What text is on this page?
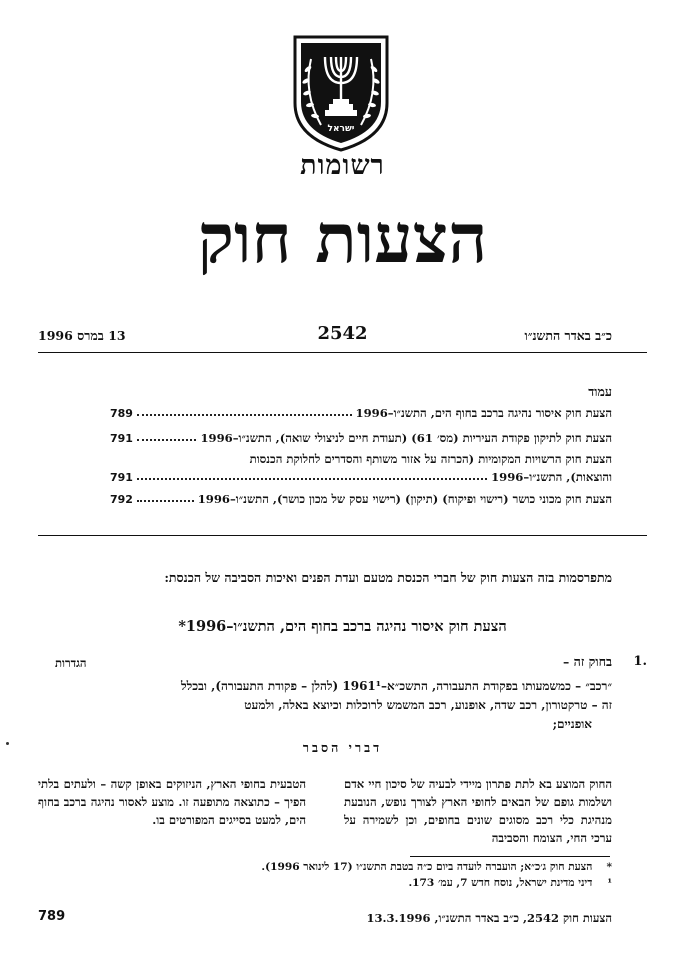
ישראל
רשומות
הצעות חוק
כ״ב באדר התשנ״ו
2542
13 במרס 1996
עמוד
הצעת חוק איסור נהיגה ברכב בחוף הים, התשנ״ו–1996
789
הצעת חוק לתיקון פקודת העיריות (מס׳ 61) (תעודת חיים לניצולי שואה), התשנ״ו–1996
791
הצעת חוק הרשויות המקומיות (הכרזה על אזור משותף והסדרים לחלוקת הכנסות
והוצאות), התשנ״ו–1996
791
הצעת חוק מכוני כושר (רישוי ופיקוח) (תיקון) (רישוי עסק של מכון כושר), התשנ״ו–1996
792
מתפרסמות בזה הצעות חוק של חברי הכנסת מטעם ועדת הפנים ואיכות הסביבה של הכנסת:
הצעת חוק איסור נהיגה ברכב בחוף הים, התשנ״ו–1996*
1.
בחוק זה –
הגדרות
״רכב״ – כמשמעותו בפקודת התעבורה, התשכ״א–1961¹ (להלן – פקודת התעבורה), ובכלל
זה – טרקטורון, רכב שדה, אופנוע, רכב המשמש לרוכלות וכיוצא באלה, ולמעט
אופניים;
דברי הסבר
החוק המוצע בא לתת פתרון מיידי לבעיה של סיכון חיי אדם ושלמות גופם של הבאים לחופי הארץ לצורך נופש, הנובעת מנהיגת כלי רכב מסוגים שונים בחופים, וכן לשמירה על ערכי החי, הצומח והסביבה
הטבעית בחופי הארץ, הניזוקים באופן קשה – ולעתים בלתי הפיך – כתוצאה מתופעה זו. מוצע לאסור נהיגה ברכב בחוף הים, למעט בסייגים המפורטים בו.
* הצעת חוק ג׳כ״א; הועברה לועדה ביום כ״ה בטבת התשנ״ו (17 לינואר 1996).
¹ דיני מדינת ישראל, נוסח חדש 7, עמ׳ 173.
הצעות חוק 2542, כ״ב באדר התשנ״ו, 13.3.1996
789
